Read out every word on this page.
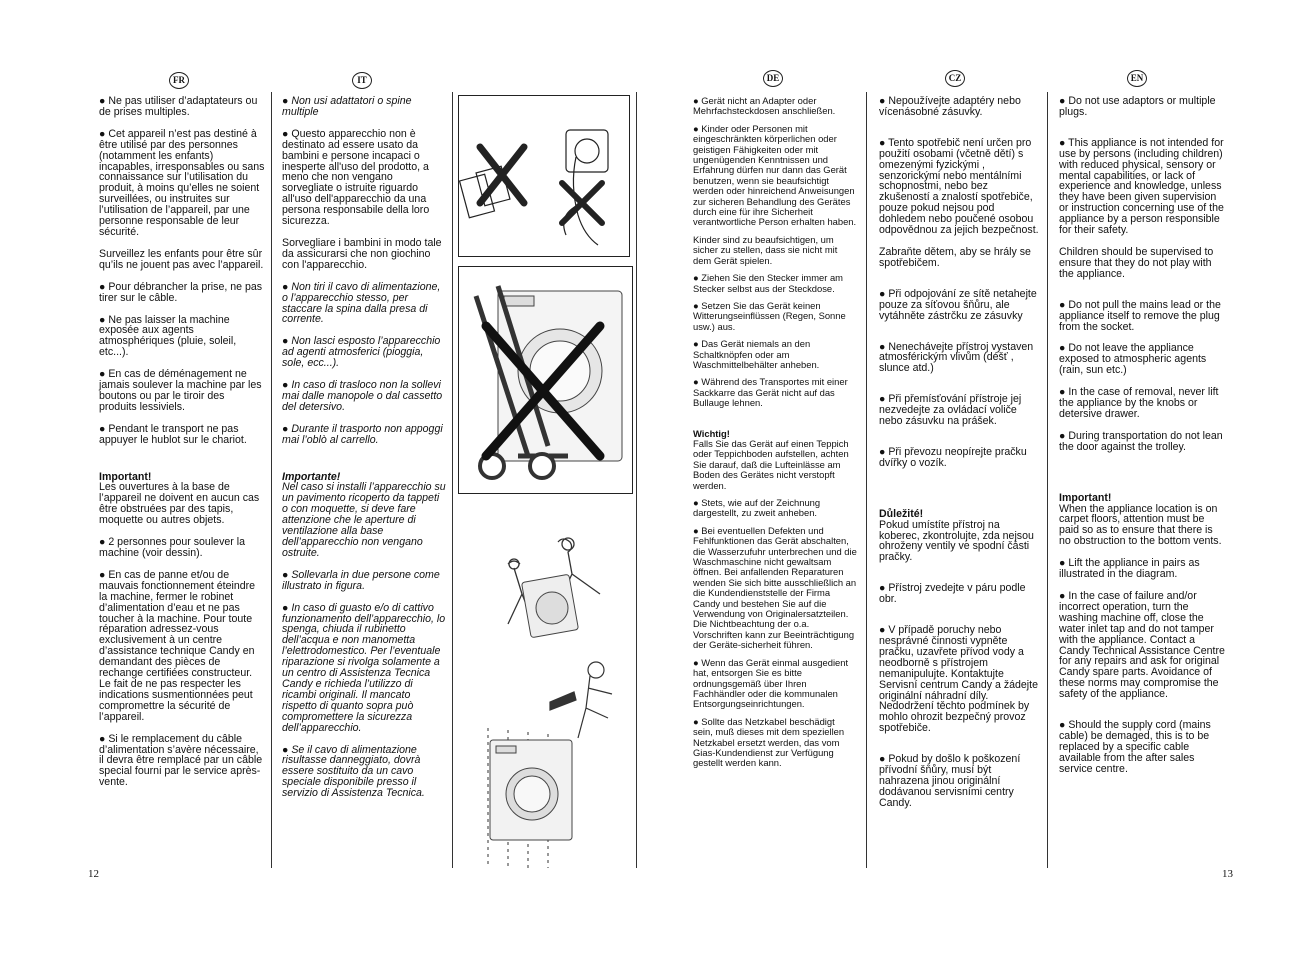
FR	IT	DE	CZ	EN

● Ne pas utiliser d’adaptateurs ou de prises multiples.

● Cet appareil n’est pas destiné à être utilisé par des personnes (notamment les enfants) incapables, irresponsables ou sans connaissance sur l’utilisation du produit, à moins qu’elles ne soient surveillées, ou instruites sur l’utilisation de l’appareil, par une personne responsable de leur sécurité.

Surveillez les enfants pour être sûr qu’ils ne jouent pas avec l’appareil.

● Pour débrancher la prise, ne pas tirer sur le câble.

● Ne pas laisser la machine exposée aux agents atmosphériques (pluie, soleil, etc...).

● En cas de déménagement ne jamais soulever la machine par les boutons ou par le tiroir des produits lessiviels.

● Pendant le transport ne pas appuyer le hublot sur le chariot.

Important!

Les ouvertures à la base de l’appareil ne doivent en aucun cas être obstruées par des tapis, moquette ou autres objets.

● 2 personnes pour soulever la machine (voir dessin).

● En cas de panne et/ou de mauvais fonctionnement éteindre la machine, fermer le robinet d’alimentation d’eau et ne pas toucher à la machine. Pour toute réparation adressez-vous exclusivement à un centre d’assistance technique Candy en demandant des pièces de rechange certifiées constructeur. Le fait de ne pas respecter les indications susmentionnées peut compromettre la sécurité de l’appareil.

● Si le remplacement du câble d’alimentation s’avère nécessaire, il devra être remplacé par un câble special fourni par le service après-vente.

● Non usi adattatori o spine multiple

● Questo apparecchio non è destinato ad essere usato da bambini e persone incapaci o inesperte all'uso del prodotto, a meno che non vengano sorvegliate o istruite riguardo all'uso dell'apparecchio da una persona responsabile della loro sicurezza.

Sorvegliare i bambini in modo tale da assicurarsi che non giochino con l'apparecchio.

● Non tiri il cavo di alimentazione, o l’apparecchio stesso, per staccare la spina dalla presa di corrente.

● Non lasci esposto l’apparecchio ad agenti atmosferici (pioggia, sole, ecc...).

● In caso di trasloco non la sollevi mai dalle manopole o dal cassetto del detersivo.

● Durante il trasporto non appoggi mai l’oblò al carrello.

Importante!

Nel caso si installi l’apparecchio su un pavimento ricoperto da tappeti o con moquette, si deve fare attenzione che le aperture di ventilazione alla base dell’apparecchio non vengano ostruite.

● Sollevarla in due persone come illustrato in figura.

● In caso di guasto e/o di cattivo funzionamento dell’apparecchio, lo spenga, chiuda il rubinetto dell’acqua e non manometta l’elettrodomestico. Per l’eventuale riparazione si rivolga solamente a un centro di Assistenza Tecnica Candy e richieda l’utilizzo di ricambi originali. Il mancato rispetto di quanto sopra può compromettere la sicurezza dell’apparecchio.

● Se il cavo di alimentazione risultasse danneggiato, dovrà essere sostituito da un cavo speciale disponibile presso il servizio di Assistenza Tecnica.

● Gerät nicht an Adapter oder Mehrfachsteckdosen anschließen.

● Kinder oder Personen mit eingeschränkten körperlichen oder geistigen Fähigkeiten oder mit ungenügenden Kenntnissen und Erfahrung dürfen nur dann das Gerät benutzen, wenn sie beaufsichtigt werden oder hinreichend Anweisungen zur sicheren Behandlung des Gerätes durch eine für ihre Sicherheit verantwortliche Person erhalten haben.

Kinder sind zu beaufsichtigen, um sicher zu stellen, dass sie nicht mit dem Gerät spielen.

● Ziehen Sie den Stecker immer am Stecker selbst aus der Steckdose.

● Setzen Sie das Gerät keinen Witterungseinflüssen (Regen, Sonne usw.) aus.

● Das Gerät niemals an den Schaltknöpfen oder am Waschmittelbehälter anheben.

● Während des Transportes mit einer Sackkarre das Gerät nicht auf das Bullauge lehnen.

Wichtig!

Falls Sie das Gerät auf einen Teppich oder Teppichboden aufstellen, achten Sie darauf, daß die Lufteinlässe am Boden des Gerätes nicht verstopft werden.

● Stets, wie auf der Zeichnung dargestellt, zu zweit anheben.

● Bei eventuellen Defekten und Fehlfunktionen das Gerät abschalten, die Wasserzufuhr unterbrechen und die Waschmaschine nicht gewaltsam öffnen. Bei anfallenden Reparaturen wenden Sie sich bitte ausschließlich an die Kundendienststelle der Firma Candy und bestehen Sie auf die Verwendung von Originalersatzteilen. Die Nichtbeachtung der o.a. Vorschriften kann zur Beeinträchtigung der Geräte-sicherheit führen.

● Wenn das Gerät einmal ausgedient hat, entsorgen Sie es bitte ordnungsgemäß über Ihren Fachhändler oder die kommunalen Entsorgungseinrichtungen.

● Sollte das Netzkabel beschädigt sein, muß dieses mit dem speziellen Netzkabel ersetzt werden, das vom Gias-Kundendienst zur Verfügung gestellt werden kann.

● Nepoužívejte adaptéry nebo vícenásobné zásuvky.

● Tento spotřebič není určen pro použití osobami (včetně dětí) s omezenými fyzickými , senzorickými nebo mentálními schopnostmi, nebo bez zkušeností a znalostí spotřebiče, pouze pokud nejsou pod dohledem nebo poučené osobou odpovědnou za jejich bezpečnost.

Zabraňte dětem, aby se hrály se spotřebičem.

● Při odpojování ze sítě netahejte pouze za síťovou šňůru, ale vytáhněte zástrčku ze zásuvky

● Nenechávejte přístroj vystaven atmosférickým vlivům (déšť , slunce atd.)

● Při přemísťování přístroje jej nezvedejte za ovládací voliče nebo zásuvku na prášek.

● Při převozu neopírejte pračku dvířky o vozík.

Důležité!

Pokud umístíte přístroj na koberec, zkontrolujte, zda nejsou ohroženy ventily ve spodní části pračky.

● Přístroj zvedejte v páru podle obr.

● V případě poruchy nebo nesprávné činnosti vypněte pračku, uzavřete přívod vody a neodborně s přístrojem nemanipulujte. Kontaktujte Servisní centrum Candy a žádejte originální náhradní díly. Nedodržení těchto podmínek by mohlo ohrozit bezpečný provoz spotřebiče.

● Pokud by došlo k poškození přívodní šňůry, musí být nahrazena jinou originální dodávanou servisními centry Candy.

● Do not use adaptors or multiple plugs.

● This appliance is not intended for use by persons (including children) with reduced physical, sensory or mental capabilities, or lack of experience and knowledge, unless they have been given supervision or instruction concerning use of the appliance by a person responsible for their safety.

Children should be supervised to ensure that they do not play with the appliance.

● Do not pull the mains lead or the appliance itself to remove the plug from the socket.

● Do not leave the appliance exposed to atmospheric agents (rain, sun etc.)

● In the case of removal, never lift the appliance by the knobs or detersive drawer.

● During transportation do not lean the door against the trolley.

Important!

When the appliance location is on carpet floors, attention must be paid so as to ensure that there is no obstruction to the bottom vents.

● Lift the appliance in pairs as illustrated in the diagram.

● In the case of failure and/or incorrect operation, turn the washing machine off, close the water inlet tap and do not tamper with the appliance. Contact a Candy Technical Assistance Centre for any repairs and ask for original Candy spare parts. Avoidance of these norms may compromise the safety of the appliance.

● Should the supply cord (mains cable) be demaged, this is to be replaced by a specific cable available from the after sales service centre.

12	13
